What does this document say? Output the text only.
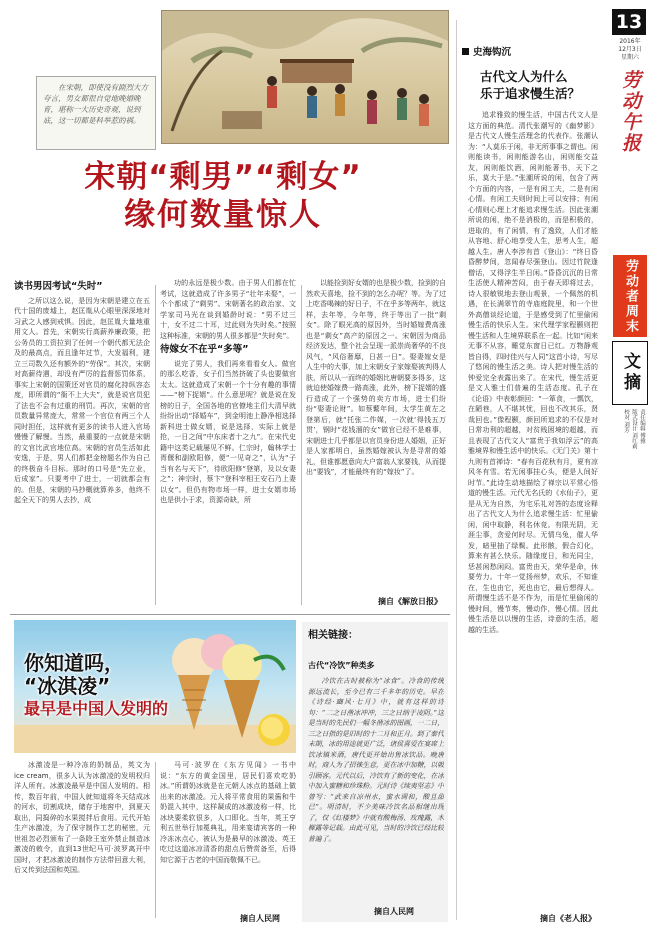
在宋朝，即使没有剧烈大方夸言，男女都很自觉地晚婚晚育，堪称一大历史奇观，说到底，这一切都是科举惹的祸。
宋朝“剩男”“剩女”
缘何数量惊人
读书男因考试“失时”

之所以这么说，是因为宋朝是建立在五代十国的废墟上，赵匡胤从心眼里深深地对习武之人感到戒惧。因此，赵匡胤大量地重用文人。首先，宋朝实行高薪养廉政策，把公务员的工资拉到了任何一个朝代都无法企及的最高点，而且逢年过节，大发福利，建立三司数久还有额外的“劳保”。其次，宋朝对高薪待遇，却没有严厉的监督惩罚体系，事实上宋朝的国策还对官员的腐化持纵容态度，即所谓的“衙不上大夫”，就是说官员犯了法也不会有过重的刑罚。再次，宋朝的官员数量异常庞大，常常一个官位有两三个人同时担任，这样就有更多的读书人进入官场慢慢了解慢。当然，最重要的一点就是宋朝的文官比武官地位高。宋朝的官员生活如此安逸，于是，男人们都把金榜题名作为自己的终极奋斗目标。那时的口号是“先立业，后成家”。只要考中了进士，一切就都会有的。但是，宋朝的马抄概就算养多，他终不起全天下的男人去抄，成

功的永远是极少数。由于男人们都在忙考试，这就造成了许多男子“壮年未娶”，一个个都成了“剩男”。宋朝著名的政治家、文学家司马光在谈到婚龄时说：“男不过三十，女不过二十耳，过此则为失时矣。”按照这种标准，宋朝的男人很多都是“失时矣”。

待嫁女不在乎“多等”

说完了男人，我们再来看看女人。做官的那么吃香，女子们当然挤破了头也要做官太太。这就造成了宋朝一个十分有趣的事情——“榜下捉婿”。什么意思呢？就是说在发榜的日子，全国各地的官僚地主们大清早就纷纷出动“择婚车”，到金明池上静净相选择新科进士做女婿，说是选择，实际上就是抢，一日之间“中东床者十之九”。在宋代史籍中这类记载屡见不鲜。仁宗时，翰林学士胥偃和副欧阳修，便“一见奇之”，认为“子当有名与天下”，待欧阳修“登第，及以女妻之”；神宗时，蔡卞“登科宰相王安石乃上妻以女”。但仍有物市场一样，进士女婿市场也是供小于求，资源奇缺，所

以能捡到好女婿的也是极少数，捡到的自然欢天喜地，捡不到的怎么办呢？等。为了过上吃香喝辣的好日子，不在乎多等两年，就这样，去年等，今年等，终于等出了一批“剩女”。除了眼光高的原因外，当时婚嫁费高涨也是“剩女”高产的原因之一。宋朝因为商品经济发达，整个社会呈现一派崇尚奢华的不良风气，“风俗奢靡，日甚一日”。娶妻嫁女是人生中的大事，加上宋朝女子家嫁娶被判得人肤，所以从一而终的婚姻比唐朝要多得多，这就迫使婚嫁费一路高涨，此外，榜下捉婿的盛行造成了一个强势的卖方市场，进士们纷纷“娶妻论财”。如蔡蘩年间，太学生黄左之登第后，就“托张二作媒，一次就‘得钱五万贯’，钢时“花钱溜的女”做官已经不是难事，宋朝进士几乎都是以官员身份进人婚姻，正好是人家都明白，虽然婚嫁被认为是寻常的婚礼，但谁都愿意向大户富翁人家要钱，从而提出“要钱”，才能最终有的“嫁妆”了。

摘自《解放日报》
史海钩沉
古代文人为什么
乐于追求慢生活？

追求雅致的慢生活，中国古代文人是这方面的典范。清代张潮写的《幽梦影》是古代文人慢生活理念的代表作。张潮认为：“人莫乐于闲，非无所事事之谓也。闲则能读书，闲则能游名山，闲则能交益友，闲则能饮酒，闲则能著书，天下之乐，莫大于是。”张潮所说的闲，包含了两个方面的内容，一是有闲工夫，二是有闲心情。有闲工夫则时间上可以安排；有闲心情则心理上才能追求慢生活。因此张潮所说的闲，绝不是消极的，而是积极的，进取的，有了闲情，有了逸致，人们才能从容地、舒心地享受人生，思考人生，超越人生。唐人李涉有首《登山》：“终日昏昏醉梦间，忽闻春尽强登山。因过竹院逢僧话，又得浮生半日闲。”昏昏沉沉的日常生活使人精神苦闷，由于春天即将过去，诗人很敏锐地去登山观景，一个佩然的机遇，在长满翠竹的寺庙庭院里，和一个世外高僧谈经论道，于是感受到了忙里偷闲慢生活的快乐人生。宋代理学家程颢则把慢生活和人生境界联系在一起。比如“闲来无事不从容，睡觉东窗日已红。万物静观皆自得，四时佳兴与人同”这首小诗，写尽了悠闲的慢生活之美。诗人把对慢生活的钟爱完全表露出来了。在宋代，慢生活更是文人雅士们普遍的生活态度。孔子在《论语》中表彰颜回：“一箪食，一瓢饮，在陋巷，人不堪其忧，回也不改其乐，贤哉回也。”像程颢，颜回所追求的不仅是对日常功利的超越，对贫贱困境的超越，而且表现了古代文人“富贵于我如浮云”的高雅境界和慢生活中的快乐。《无门关》第十九则有首禅诗：“春有百花秋有月，夏有凉风冬有雪。若无闲事挂心头，便是人间好时节。”此诗生动地描绘了禅宗以平常心悟道的慢生活。元代无名氏的《水仙子》，更是从无为自然，为宅乐礼对答的态度诠释出了古代文人为什么追求慢生活：忙里偷闲，闲中取静，利名休竞。有限光阴，无涯尘事，贪爱何时尽。无情乌兔，催人华发，暗里抽了绿鬓。此形骸，假合幻化，算来有甚么快乐。随缘度日，和光同尘，恁甚闲愁闲闷。富贵由天，荣华是命，休要劳力。十年一觉扬州梦，欢乐，不知谁在，生也由它，死也由它，最后想得人。所谓慢生活不是不作为，而是忙里偷闲的慢时间，慢节奏，慢动作，慢心情。因此慢生活是以以慢的生活，诗意的生活，超越的生活。

摘自《老人报》
13
2016年
12月3日
星期六
劳动午报
劳动者周末
文摘
责任编辑 傅雅
版式设计 刘红莉
校对 刘芳
你知道吗，
“冰淇凌”
最早是中国人发明的

冰激凌是一种冷冻的奶制品，英文为ice cream，很多人认为冰激凌的发明权归洋人所有。冰激凌最早是中国人发明的。相传，数百年前，中国人就知道将冬天结成冰的河水，切割成块，储存于地窖中，到夏天取出，同捣碎的水果搅拌后食用。元代开始生产冰激凌，为了保守制作工艺的秘密，元世祖忽必烈颁布了一条除王室外禁止制造冰激凌的敕令，直到13世纪马可·波罗离开中国时，才把冰激凌的制作方法带回意大利，后又传到法国和英国。

马可·波罗在《东方见闻》一书中说：“东方的黄金国里，居民们喜欢吃奶冰。”所谓奶冰就是在元朝人冰点的基础上做出来的冰激凌。元人将平常食用的果酱和牛奶混入其中，这样凝成的冰激凌称一样，比冰块要柔软很多，人口即化。当年，英王亨利五世举行加冕典礼，用来宴请宾客的一种冷冻冰点心，被认为是最早的冰激凌。英王吃过这道冰凉清香的甜点后赞赏备至，后得知它源于古老的中国而敬佩不已。

摘自人民网
相关链接：
古代“冷饮”种类多
冷饮在古时被称为“冰食”。冷食的传统源远流长，至今已有三千多年的历史。早在《诗经·豳风·七月》中，就有这样的诗句：“二之日凿冰冲冲，三之日纳于凌阴。”这是当时的先民们一幅冬凿冰的图画，一二日，三之日指的是旧时的十二月和正月。到了秦代末期，冰的用途就更广泛，诸侯喜爱在宴席上饮冰镇米酒，唐代更开始出售冰饮品。晚唐时，商人为了招徕生意，更在冰中加糖，以吸引顾客。元代以后，冷饮有了新的变化，在冰中加入蜜糖和珍珠粉。元时诗《续夷坚志》中曾写：“武来自凉州水，蜜水调和，酸且甜已”。明清时，不少美味冷饮名品相继出现了，仅《红楼梦》中就有酸梅汤、玫瑰露，木樨露等记载。由此可见，当时的冷饮已经比较普遍了。
摘自人民网
